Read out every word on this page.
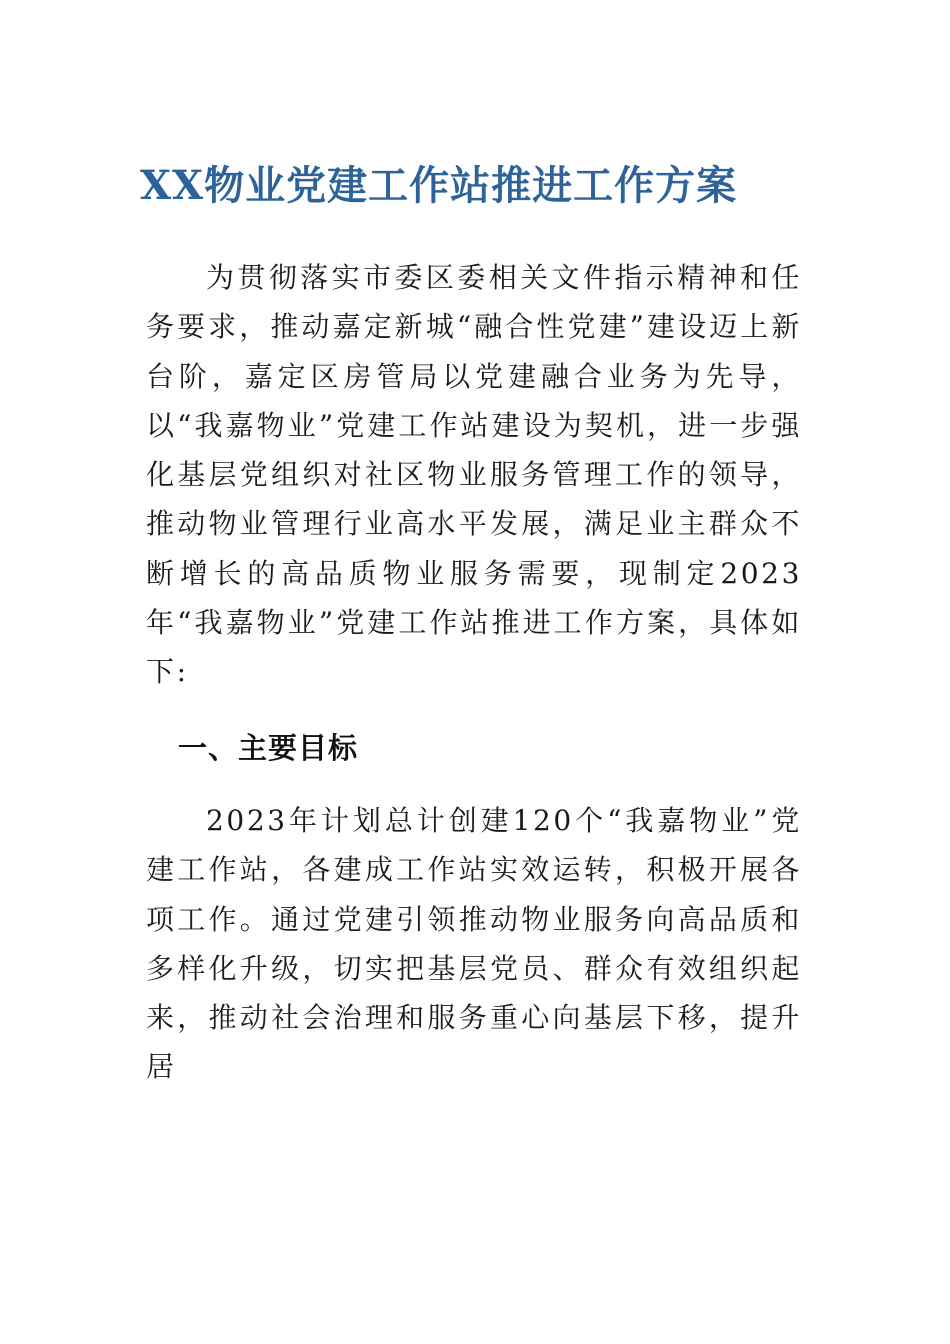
XX物业党建工作站推进工作方案

为贯彻落实市委区委相关文件指示精神和任务要求，推动嘉定新城“融合性党建”建设迈上新台阶，嘉定区房管局以党建融合业务为先导，以“我嘉物业”党建工作站建设为契机，进一步强化基层党组织对社区物业服务管理工作的领导，推动物业管理行业高水平发展，满足业主群众不断增长的高品质物业服务需要，现制定2023年“我嘉物业”党建工作站推进工作方案，具体如下:

一、主要目标

2023年计划总计创建120个“我嘉物业”党建工作站，各建成工作站实效运转，积极开展各项工作。通过党建引领推动物业服务向高品质和多样化升级，切实把基层党员、群众有效组织起来，推动社会治理和服务重心向基层下移，提升居
